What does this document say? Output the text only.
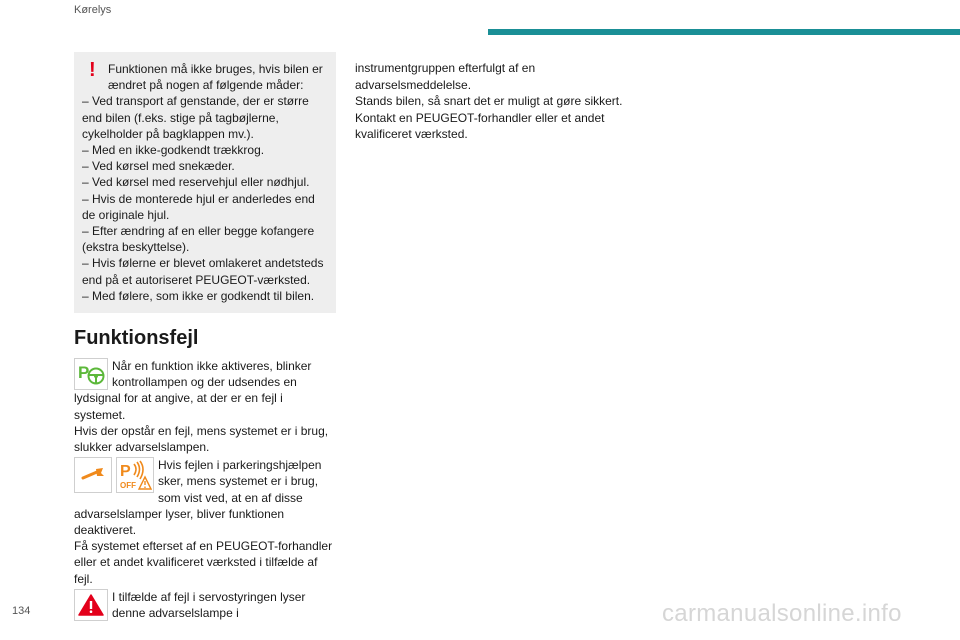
Kørelys

! Funktionen må ikke bruges, hvis bilen er ændret på nogen af følgende måder:

– Ved transport af genstande, der er større end bilen (f.eks. stige på tagbøjlerne, cykelholder på bagklappen mv.).
– Med en ikke-godkendt trækkrog.
– Ved kørsel med snekæder.
– Ved kørsel med reservehjul eller nødhjul.
– Hvis de monterede hjul er anderledes end de originale hjul.
– Efter ændring af en eller begge kofangere (ekstra beskyttelse).
– Hvis følerne er blevet omlakeret andetsteds end på et autoriseret PEUGEOT-værksted.
– Med følere, som ikke er godkendt til bilen.
Funktionsfejl
P Når en funktion ikke aktiveres, blinker kontrollampen og der udsendes en lydsignal for at angive, at der er en fejl i systemet.

Hvis der opstår en fejl, mens systemet er i brug, slukker advarselslampen.

P
OFF
Hvis fejlen i parkeringshjælpen sker, mens systemet er i brug, som vist ved, at en af disse advarselslamper lyser, bliver funktionen deaktiveret.

Få systemet efterset af en PEUGEOT-forhandler eller et andet kvalificeret værksted i tilfælde af fejl.

I tilfælde af fejl i servostyringen lyser denne advarselslampe i

instrumentgruppen efterfulgt af en advarselsmeddelelse.

Stands bilen, så snart det er muligt at gøre sikkert. Kontakt en PEUGEOT-forhandler eller et andet kvalificeret værksted.

134	carmanualsonline.info
